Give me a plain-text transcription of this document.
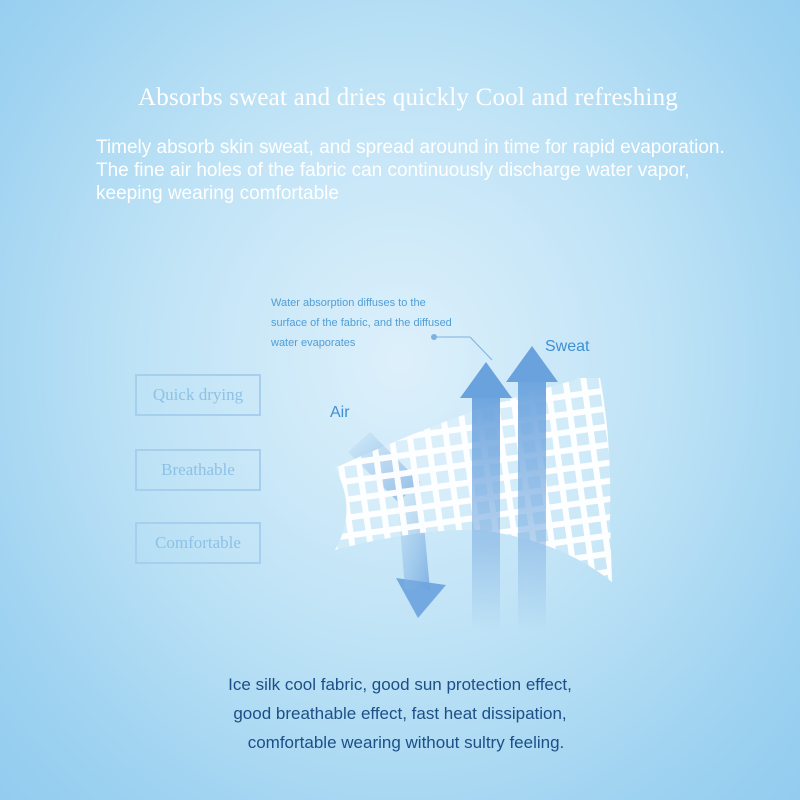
Absorbs sweat and dries quickly Cool and refreshing

Timely absorb skin sweat, and spread around in time for rapid evaporation.
The fine air holes of the fabric can continuously discharge water vapor,
keeping wearing comfortable

Quick drying
Breathable
Comfortable
Water absorption diffuses to the
surface of the fabric, and the diffused
water evaporates
Air
Sweat
Ice silk cool fabric, good sun protection effect,
good breathable effect, fast heat dissipation,
comfortable wearing without sultry feeling.
